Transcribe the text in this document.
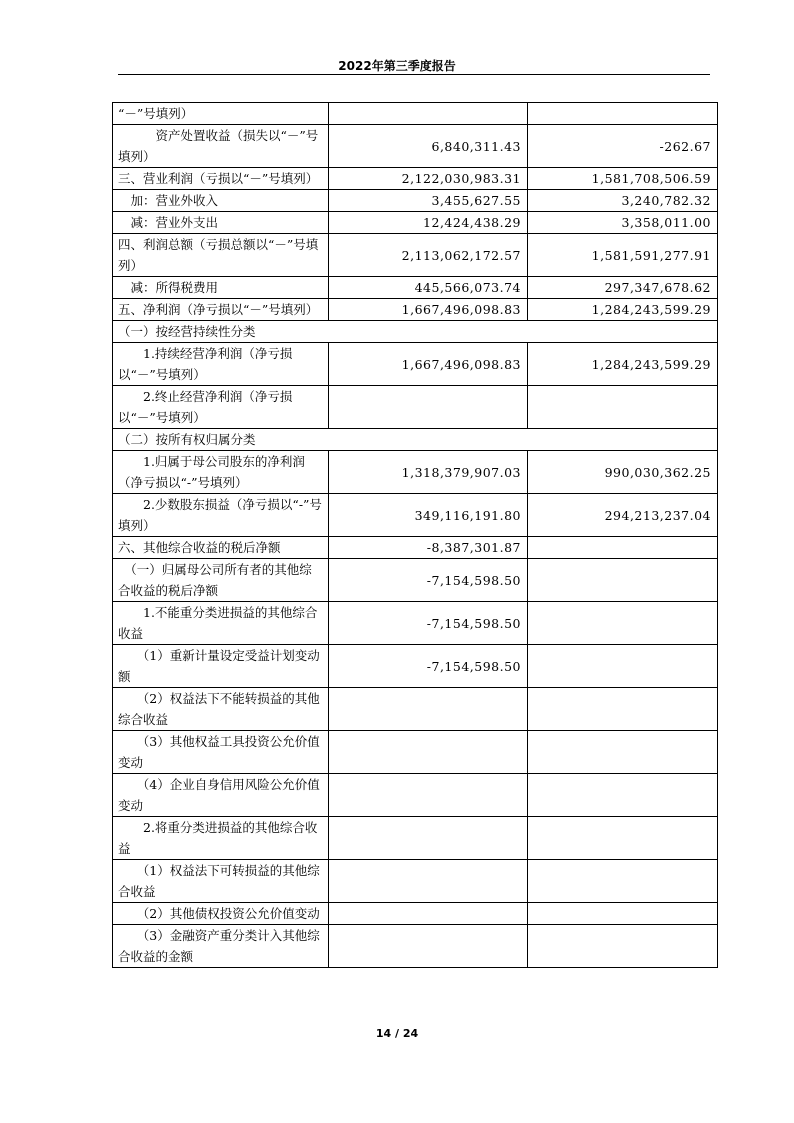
2022年第三季度报告
“－”号填列）		
　　　资产处置收益（损失以“－”号填列）	6,840,311.43	-262.67
三、营业利润（亏损以“－”号填列）	2,122,030,983.31	1,581,708,506.59
　加：营业外收入	3,455,627.55	3,240,782.32
　减：营业外支出	12,424,438.29	3,358,011.00
四、利润总额（亏损总额以“－”号填列）	2,113,062,172.57	1,581,591,277.91
　减：所得税费用	445,566,073.74	297,347,678.62
五、净利润（净亏损以“－”号填列）	1,667,496,098.83	1,284,243,599.29
（一）按经营持续性分类		
　　1.持续经营净利润（净亏损以“－”号填列）	1,667,496,098.83	1,284,243,599.29
　　2.终止经营净利润（净亏损以“－”号填列）		
（二）按所有权归属分类		
　　1.归属于母公司股东的净利润（净亏损以“-”号填列）	1,318,379,907.03	990,030,362.25
　　2.少数股东损益（净亏损以“-”号填列）	349,116,191.80	294,213,237.04
六、其他综合收益的税后净额	-8,387,301.87	
　（一）归属母公司所有者的其他综合收益的税后净额	-7,154,598.50	
　　1.不能重分类进损益的其他综合收益	-7,154,598.50	
　　（1）重新计量设定受益计划变动额	-7,154,598.50	
　　（2）权益法下不能转损益的其他综合收益		
　　（3）其他权益工具投资公允价值变动		
　　（4）企业自身信用风险公允价值变动		
　　2.将重分类进损益的其他综合收益		
　　（1）权益法下可转损益的其他综合收益		
　　（2）其他债权投资公允价值变动		
　　（3）金融资产重分类计入其他综合收益的金额		
14 / 24
